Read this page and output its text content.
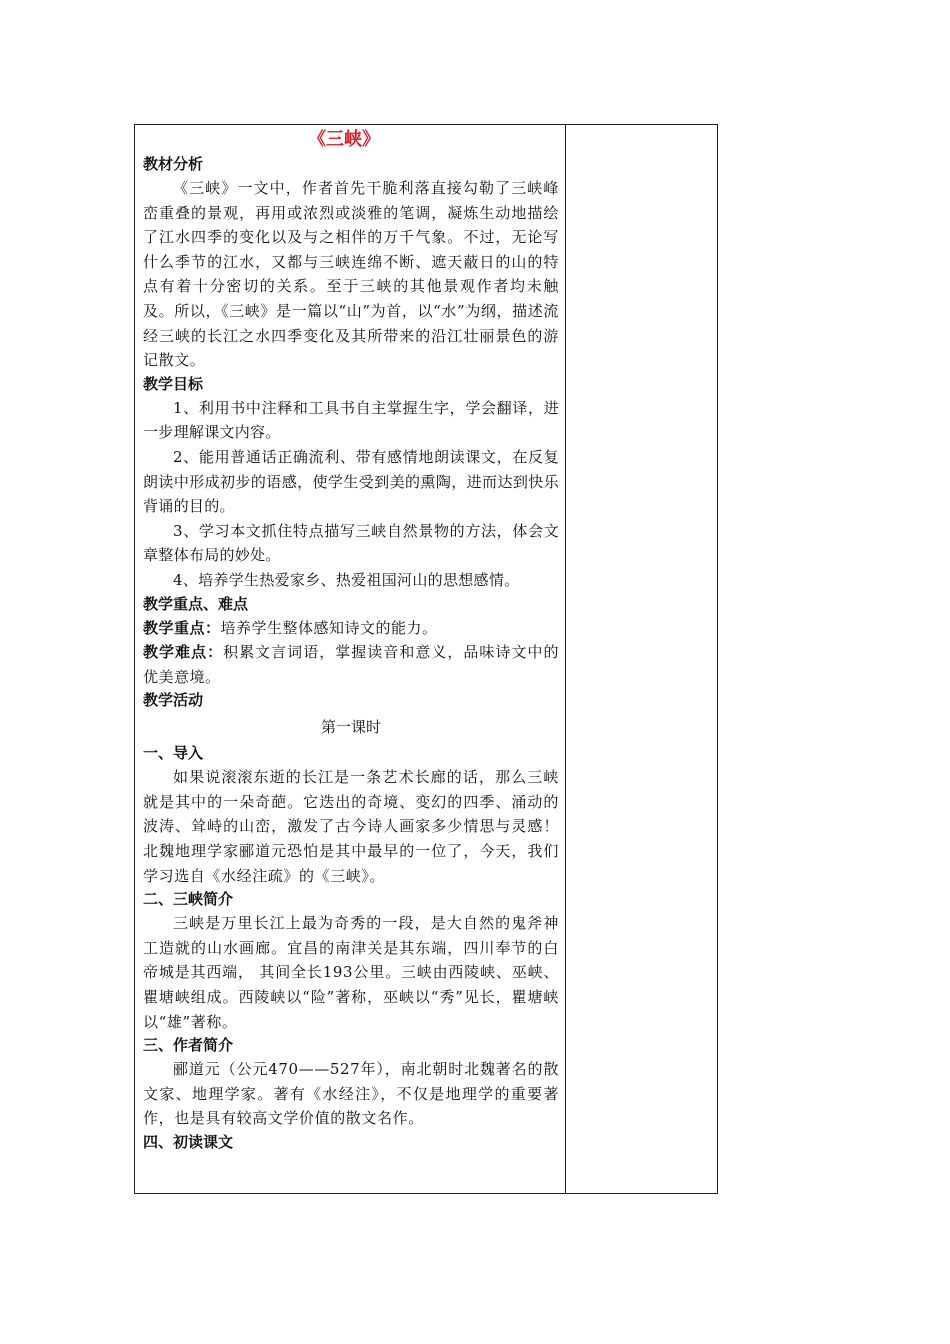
《三峡》
教材分析
《三峡》一文中，作者首先干脆利落直接勾勒了三峡峰峦重叠的景观，再用或浓烈或淡雅的笔调，凝炼生动地描绘了江水四季的变化以及与之相伴的万千气象。不过，无论写什么季节的江水，又都与三峡连绵不断、遮天蔽日的山的特点有着十分密切的关系。至于三峡的其他景观作者均未触及。所以，《三峡》是一篇以“山”为首，以“水”为纲，描述流经三峡的长江之水四季变化及其所带来的沿江壮丽景色的游记散文。
教学目标
1、利用书中注释和工具书自主掌握生字，学会翻译，进一步理解课文内容。
2、能用普通话正确流利、带有感情地朗读课文，在反复朗读中形成初步的语感，使学生受到美的熏陶，进而达到快乐背诵的目的。
3、学习本文抓住特点描写三峡自然景物的方法，体会文章整体布局的妙处。
4、培养学生热爱家乡、热爱祖国河山的思想感情。
教学重点、难点
教学重点：培养学生整体感知诗文的能力。
教学难点：积累文言词语，掌握读音和意义，品味诗文中的优美意境。
教学活动
第一课时
一、导入
如果说滚滚东逝的长江是一条艺术长廊的话，那么三峡就是其中的一朵奇葩。它迭出的奇境、变幻的四季、涌动的波涛、耸峙的山峦，激发了古今诗人画家多少情思与灵感！北魏地理学家郦道元恐怕是其中最早的一位了，今天，我们学习选自《水经注疏》的《三峡》。
二、三峡简介
三峡是万里长江上最为奇秀的一段，是大自然的鬼斧神工造就的山水画廊。宜昌的南津关是其东端，四川奉节的白帝城是其西端， 其间全长193公里。三峡由西陵峡、巫峡、 瞿塘峡组成。西陵峡以“险”著称，巫峡以“秀”见长，瞿塘峡以“雄”著称。
三、作者简介
郦道元（公元470——527年），南北朝时北魏著名的散文家、地理学家。著有《水经注》，不仅是地理学的重要著作，也是具有较高文学价值的散文名作。
四、初读课文
